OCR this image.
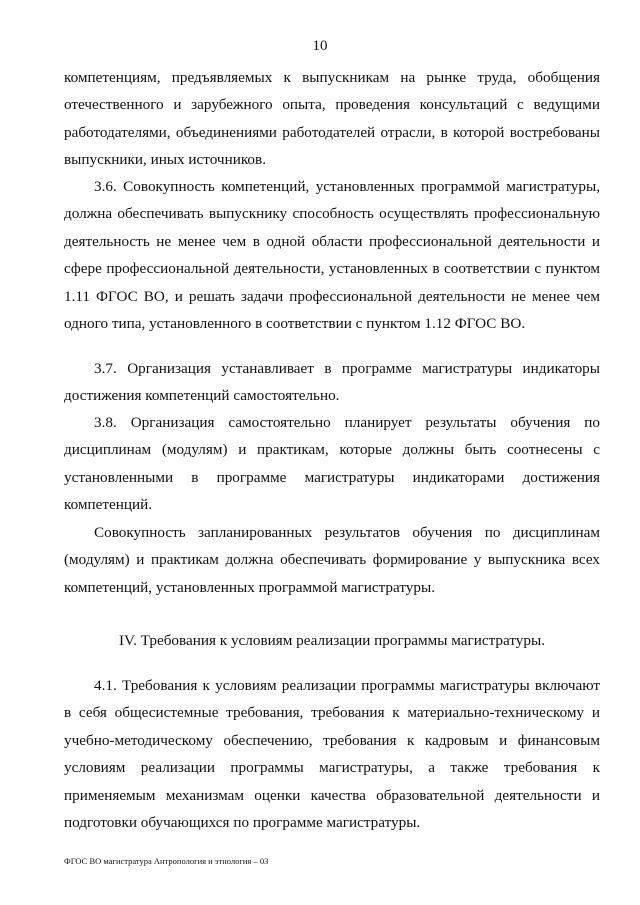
10

компетенциям, предъявляемых к выпускникам на рынке труда, обобщения отечественного и зарубежного опыта, проведения консультаций с ведущими работодателями, объединениями работодателей отрасли, в которой востребованы выпускники, иных источников.

3.6. Совокупность компетенций, установленных программой магистратуры, должна обеспечивать выпускнику способность осуществлять профессиональную деятельность не менее чем в одной области профессиональной деятельности и сфере профессиональной деятельности, установленных в соответствии с пунктом 1.11 ФГОС ВО, и решать задачи профессиональной деятельности не менее чем одного типа, установленного в соответствии с пунктом 1.12 ФГОС ВО.

3.7. Организация устанавливает в программе магистратуры индикаторы достижения компетенций самостоятельно.

3.8. Организация самостоятельно планирует результаты обучения по дисциплинам (модулям) и практикам, которые должны быть соотнесены с установленными в программе магистратуры индикаторами достижения компетенций.

Совокупность запланированных результатов обучения по дисциплинам (модулям) и практикам должна обеспечивать формирование у выпускника всех компетенций, установленных программой магистратуры.

IV. Требования к условиям реализации программы магистратуры.

4.1. Требования к условиям реализации программы магистратуры включают в себя общесистемные требования, требования к материально-техническому и учебно-методическому обеспечению, требования к кадровым и финансовым условиям реализации программы магистратуры, а также требования к применяемым механизмам оценки качества образовательной деятельности и подготовки обучающихся по программе магистратуры.

ФГОС ВО магистратура Антропология и этнология – 03
